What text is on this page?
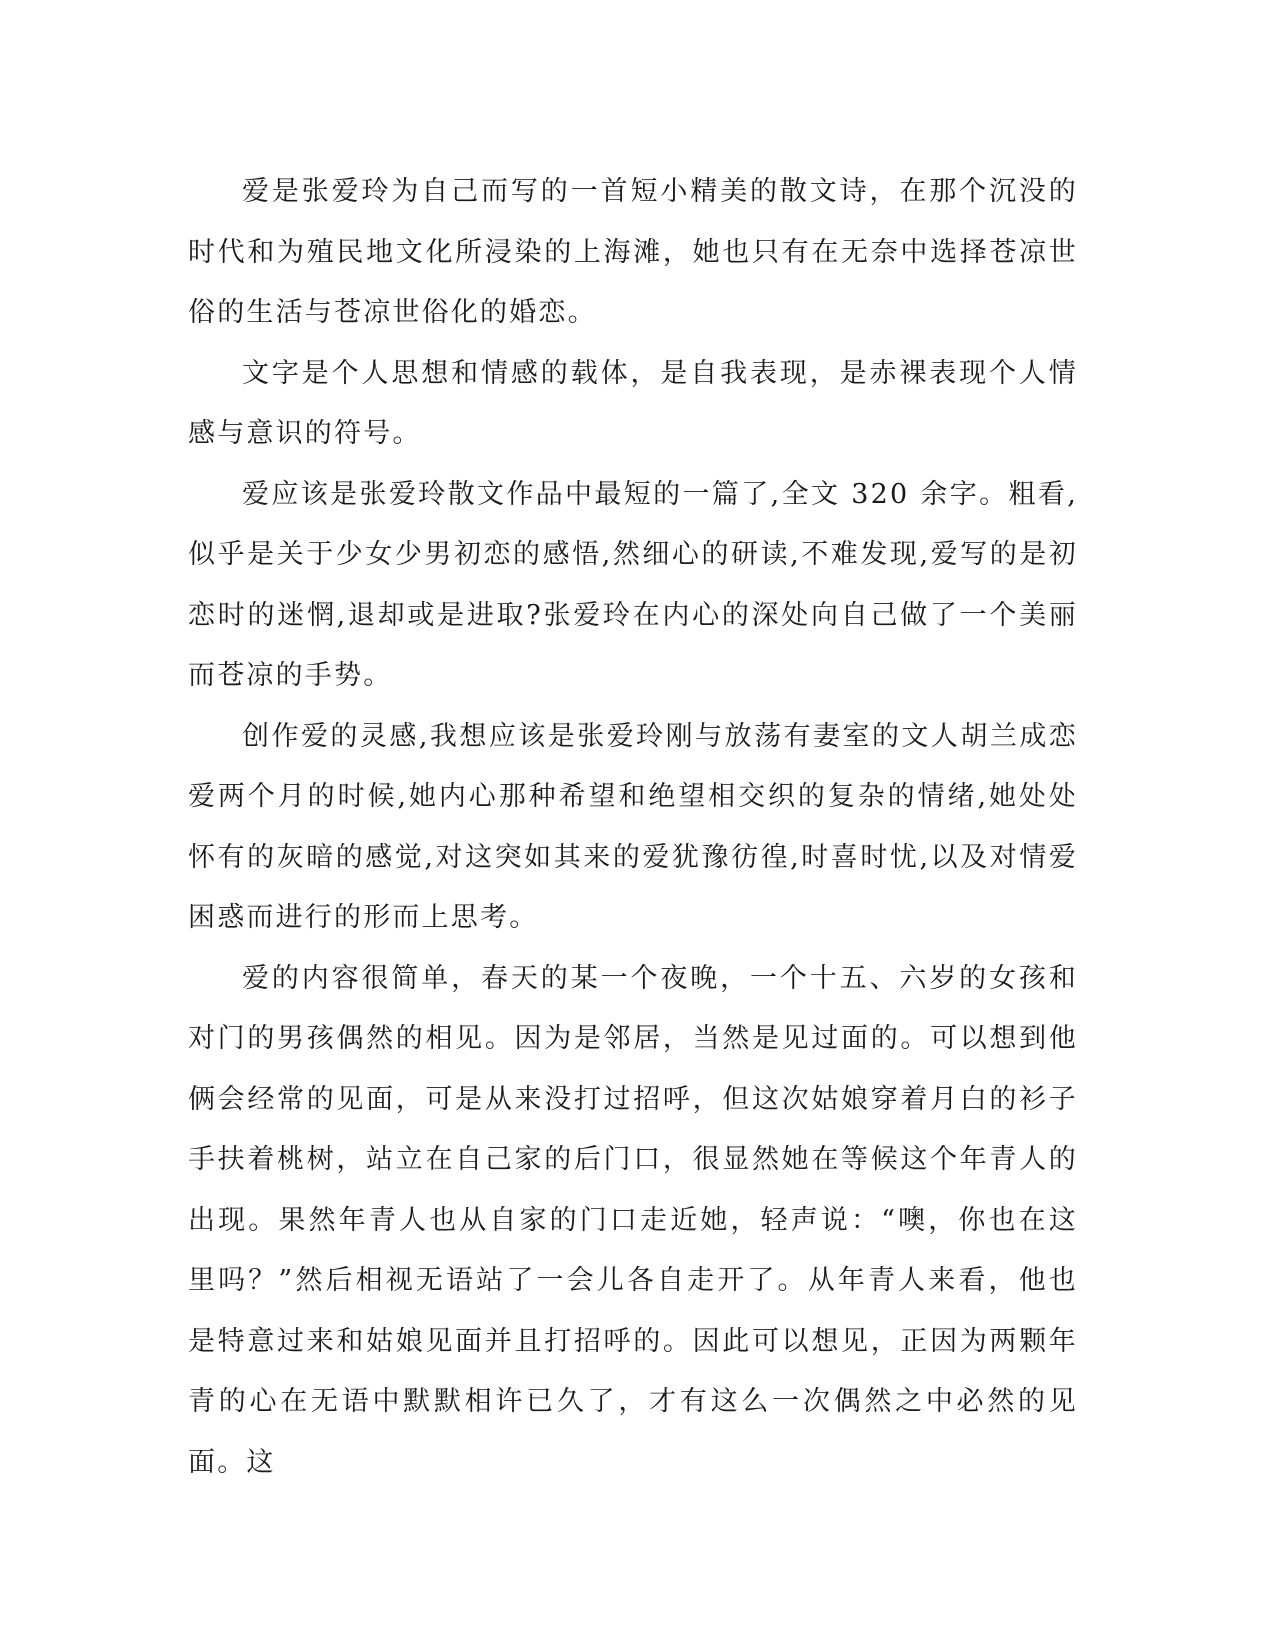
爱是张爱玲为自己而写的一首短小精美的散文诗，在那个沉没的时代和为殖民地文化所浸染的上海滩，她也只有在无奈中选择苍凉世俗的生活与苍凉世俗化的婚恋。

文字是个人思想和情感的载体，是自我表现，是赤裸表现个人情感与意识的符号。

爱应该是张爱玲散文作品中最短的一篇了,全文 320 余字。粗看,似乎是关于少女少男初恋的感悟,然细心的研读,不难发现,爱写的是初恋时的迷惘,退却或是进取?张爱玲在内心的深处向自己做了一个美丽而苍凉的手势。

创作爱的灵感,我想应该是张爱玲刚与放荡有妻室的文人胡兰成恋爱两个月的时候,她内心那种希望和绝望相交织的复杂的情绪,她处处怀有的灰暗的感觉,对这突如其来的爱犹豫彷徨,时喜时忧,以及对情爱困惑而进行的形而上思考。

爱的内容很简单，春天的某一个夜晚，一个十五、六岁的女孩和对门的男孩偶然的相见。因为是邻居，当然是见过面的。可以想到他俩会经常的见面，可是从来没打过招呼，但这次姑娘穿着月白的衫子手扶着桃树，站立在自己家的后门口，很显然她在等候这个年青人的出现。果然年青人也从自家的门口走近她，轻声说：“噢，你也在这里吗？”然后相视无语站了一会儿各自走开了。从年青人来看，他也是特意过来和姑娘见面并且打招呼的。因此可以想见，正因为两颗年青的心在无语中默默相许已久了，才有这么一次偶然之中必然的见面。这
